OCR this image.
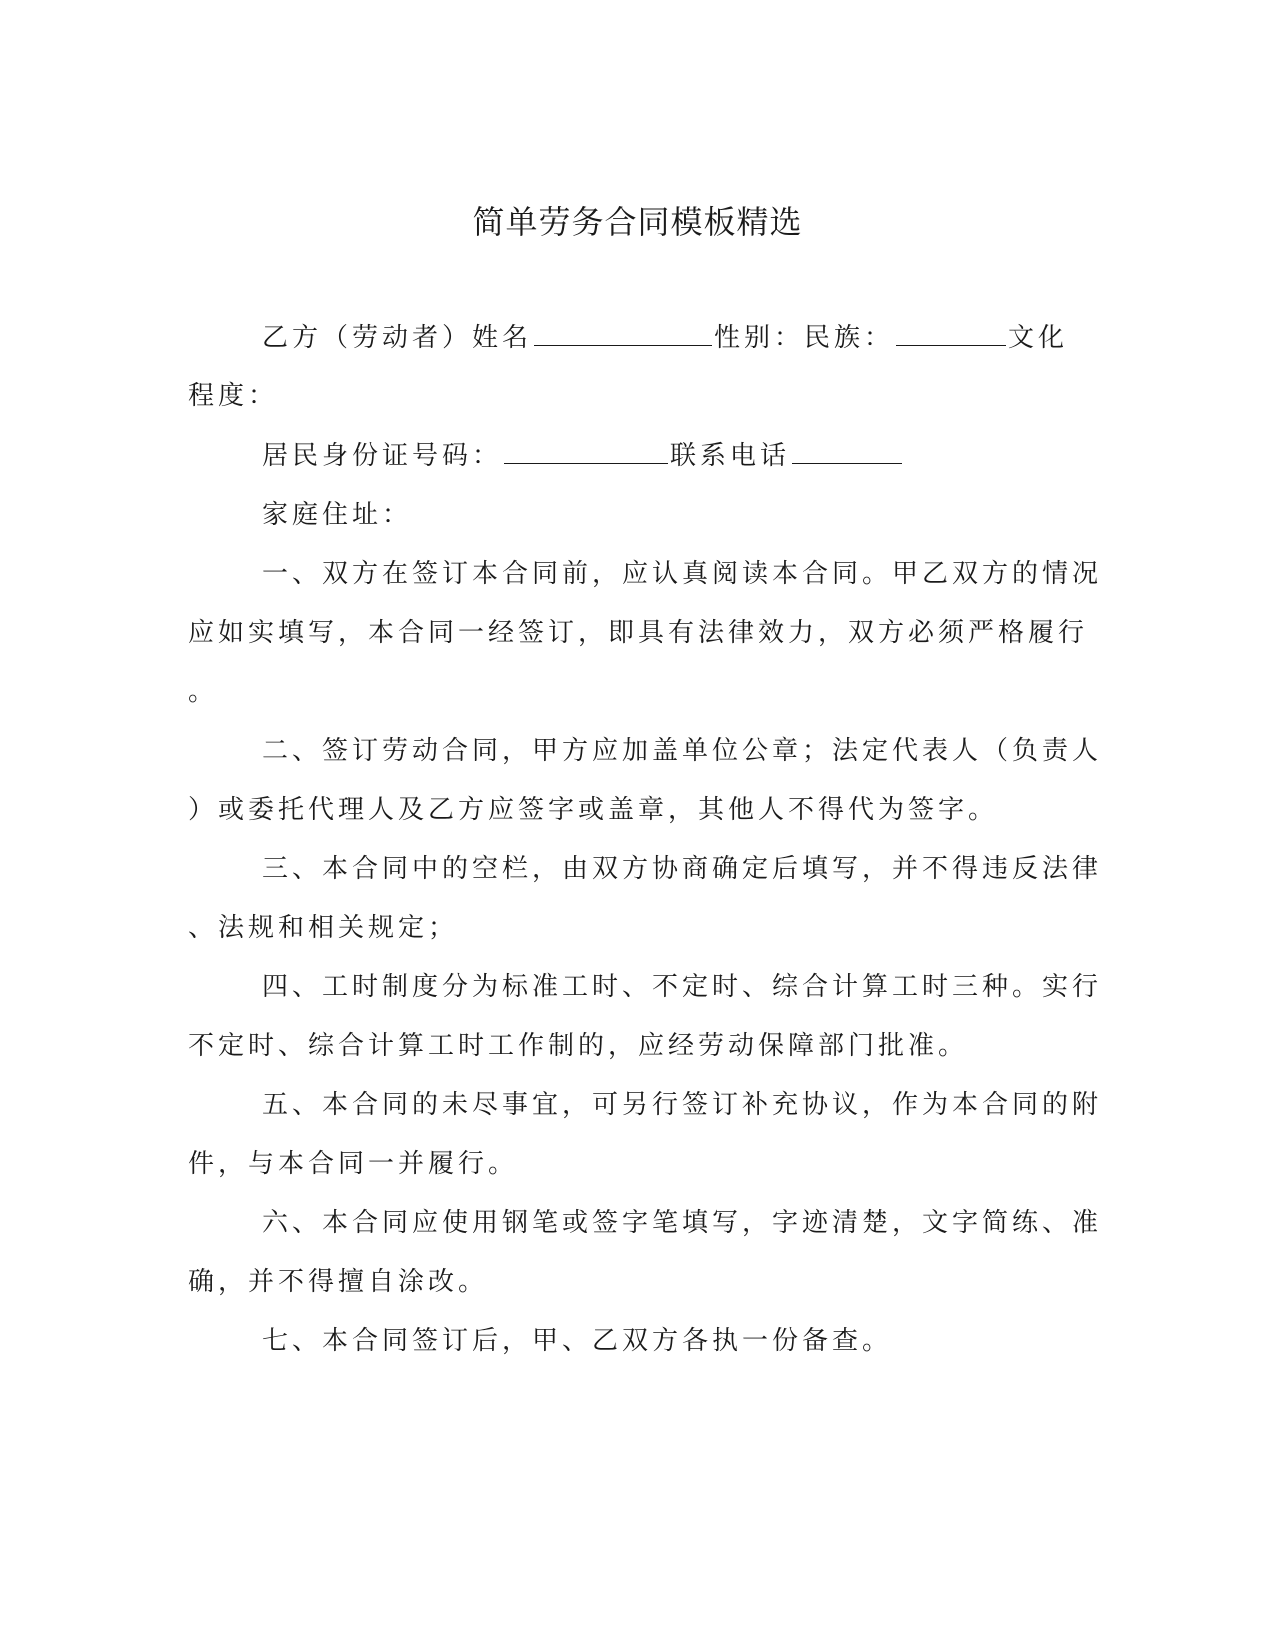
简单劳务合同模板精选
乙方（劳动者）姓名	性别：民族：	文化
程度：
居民身份证号码：	联系电话
家庭住址：
一、双方在签订本合同前，应认真阅读本合同。甲乙双方的情况
应如实填写，本合同一经签订，即具有法律效力，双方必须严格履行
。
二、签订劳动合同，甲方应加盖单位公章；法定代表人（负责人
）或委托代理人及乙方应签字或盖章，其他人不得代为签字。
三、本合同中的空栏，由双方协商确定后填写，并不得违反法律
、法规和相关规定；
四、工时制度分为标准工时、不定时、综合计算工时三种。实行
不定时、综合计算工时工作制的，应经劳动保障部门批准。
五、本合同的未尽事宜，可另行签订补充协议，作为本合同的附
件，与本合同一并履行。
六、本合同应使用钢笔或签字笔填写，字迹清楚，文字简练、准
确，并不得擅自涂改。
七、本合同签订后，甲、乙双方各执一份备查。
